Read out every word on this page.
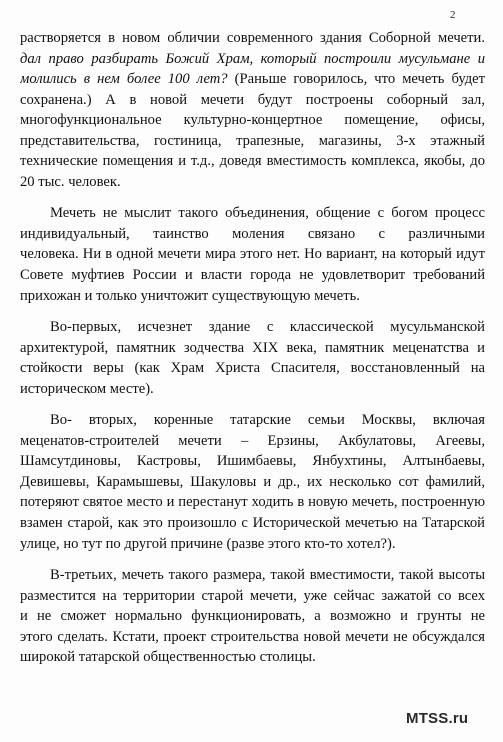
2
растворяется в новом обличии современного здания Соборной мечети.
дал право разбирать Божий Храм, который построили мусульмане и
молились в нем более 100 лет? (Раньше говорилось, что мечеть будет
сохранена.) А в новой мечети будут построены соборный зал,
многофункциональное культурно-концертное помещение, офисы,
представительства, гостиница, трапезные, магазины, 3-х этажный
технические помещения и т.д., доведя вместимость комплекса, якобы, до
20 тыс. человек.
Мечеть не мыслит такого объединения, общение с богом процесс
индивидуальный, таинство моления связано с различными
человека. Ни в одной мечети мира этого нет. Но вариант, на который идут
Совете муфтиев России и власти города не удовлетворит требований
прихожан и только уничтожит существующую мечеть.
Во-первых, исчезнет здание с классической мусульманской
архитектурой, памятник зодчества XIX века, памятник меценатства и
стойкости веры (как Храм Христа Спасителя, восстановленный на
историческом месте).
Во- вторых, коренные татарские семьи Москвы, включая
меценатов-строителей мечети – Ерзины, Акбулатовы, Агеевы,
Шамсутдиновы, Кастровы, Ишимбаевы, Янбухтины, Алтынбаевы,
Девишевы, Карамышевы, Шакуловы и др., их несколько сот фамилий,
потеряют святое место и перестанут ходить в новую мечеть, построенную
взамен старой, как это произошло с Исторической мечетью на Татарской
улице, но тут по другой причине (разве этого кто-то хотел?).
В-третьих, мечеть такого размера, такой вместимости, такой высоты
разместится на территории старой мечети, уже сейчас зажатой со всех
и не сможет нормально функционировать, а возможно и грунты не
этого сделать. Кстати, проект строительства новой мечети не обсуждался
широкой татарской общественностью столицы.
MTSS.ru
